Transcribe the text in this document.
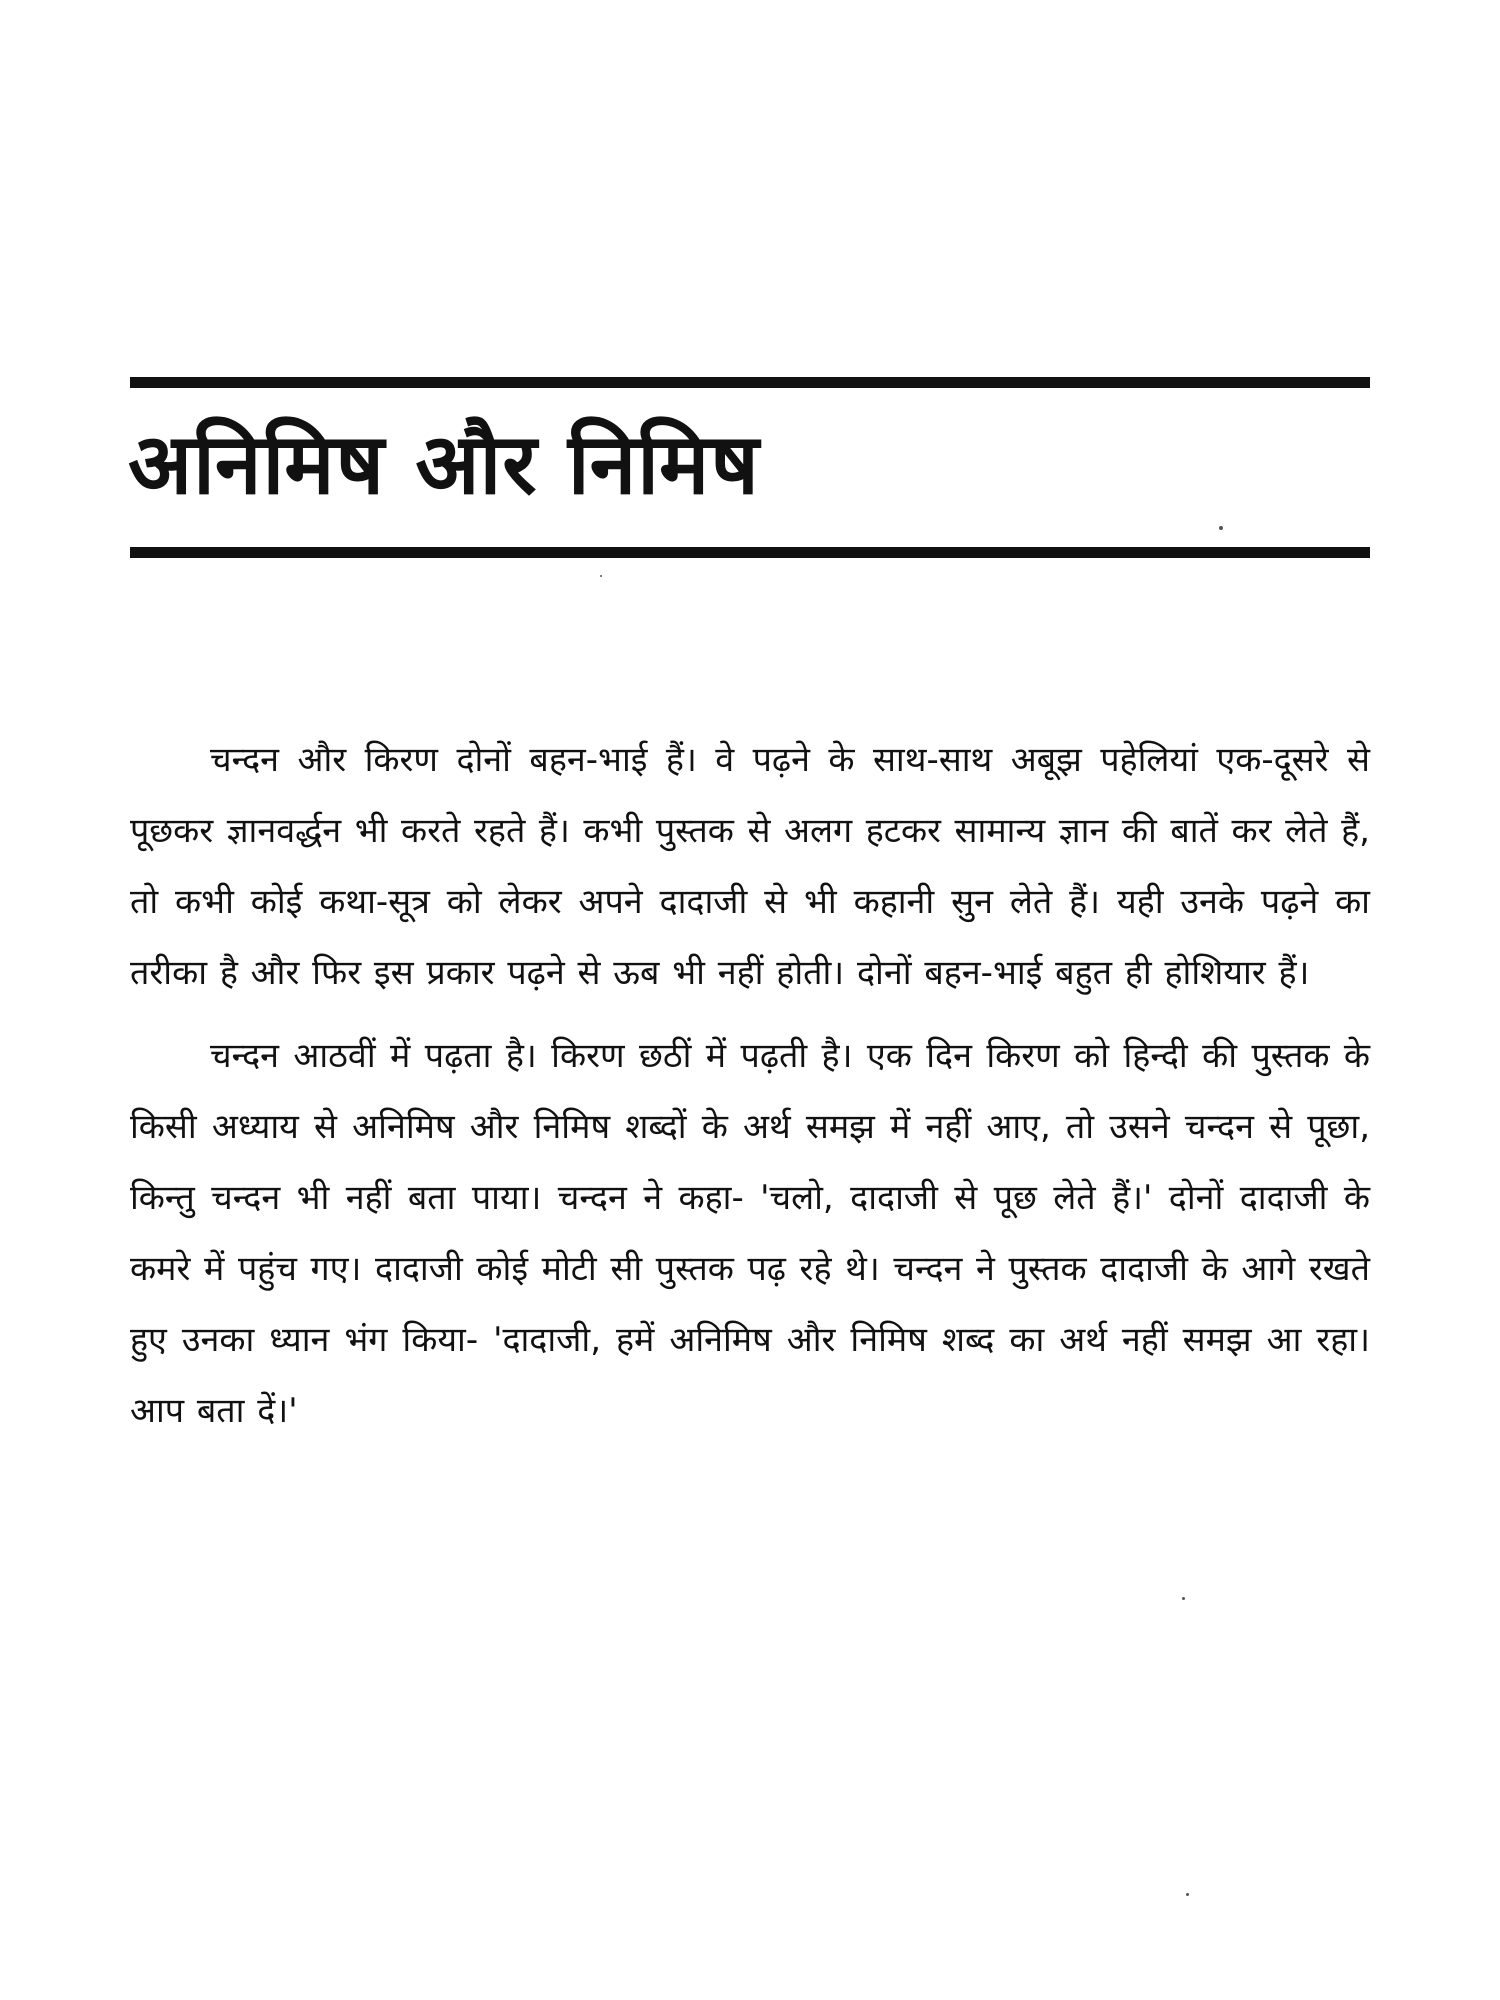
अनिमिष और निमिष

चन्दन और किरण दोनों बहन-भाई हैं। वे पढ़ने के साथ-साथ अबूझ पहेलियां एक-दूसरे से पूछकर ज्ञानवर्द्धन भी करते रहते हैं। कभी पुस्तक से अलग हटकर सामान्य ज्ञान की बातें कर लेते हैं, तो कभी कोई कथा-सूत्र को लेकर अपने दादाजी से भी कहानी सुन लेते हैं। यही उनके पढ़ने का तरीका है और फिर इस प्रकार पढ़ने से ऊब भी नहीं होती। दोनों बहन-भाई बहुत ही होशियार हैं।

चन्दन आठवीं में पढ़ता है। किरण छठीं में पढ़ती है। एक दिन किरण को हिन्दी की पुस्तक के किसी अध्याय से अनिमिष और निमिष शब्दों के अर्थ समझ में नहीं आए, तो उसने चन्दन से पूछा, किन्तु चन्दन भी नहीं बता पाया। चन्दन ने कहा- 'चलो, दादाजी से पूछ लेते हैं।' दोनों दादाजी के कमरे में पहुंच गए। दादाजी कोई मोटी सी पुस्तक पढ़ रहे थे। चन्दन ने पुस्तक दादाजी के आगे रखते हुए उनका ध्यान भंग किया- 'दादाजी, हमें अनिमिष और निमिष शब्द का अर्थ नहीं समझ आ रहा। आप बता दें।'
